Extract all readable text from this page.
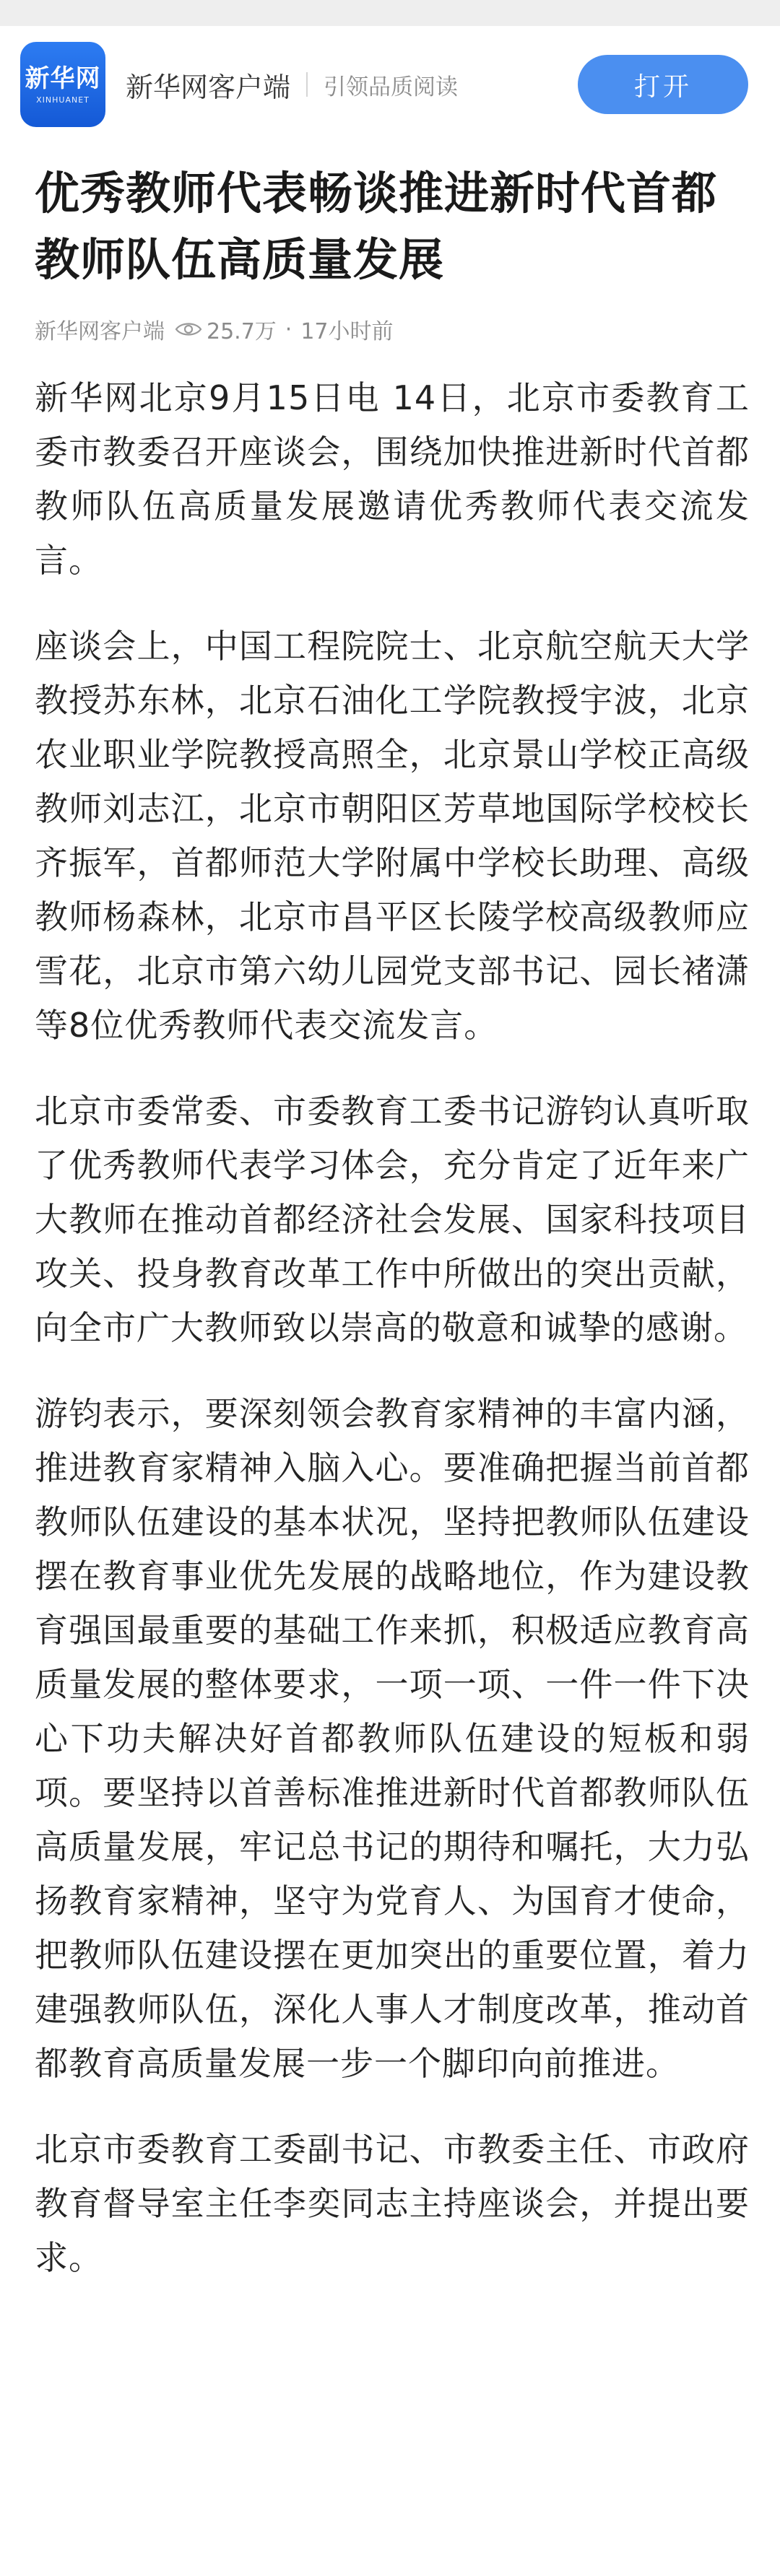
新华网
XINHUANET 新华网客户端 引领品质阅读	打开
优秀教师代表畅谈推进新时代首都教师队伍高质量发展
新华网客户端 25.7万 · 17小时前

新华网北京9月15日电 14日，北京市委教育工委市教委召开座谈会，围绕加快推进新时代首都教师队伍高质量发展邀请优秀教师代表交流发言。

座谈会上，中国工程院院士、北京航空航天大学教授苏东林，北京石油化工学院教授宇波，北京农业职业学院教授高照全，北京景山学校正高级教师刘志江，北京市朝阳区芳草地国际学校校长齐振军，首都师范大学附属中学校长助理、高级教师杨森林，北京市昌平区长陵学校高级教师应雪花，北京市第六幼儿园党支部书记、园长褚潇等8位优秀教师代表交流发言。

北京市委常委、市委教育工委书记游钧认真听取了优秀教师代表学习体会，充分肯定了近年来广大教师在推动首都经济社会发展、国家科技项目攻关、投身教育改革工作中所做出的突出贡献，向全市广大教师致以崇高的敬意和诚挚的感谢。

游钧表示，要深刻领会教育家精神的丰富内涵，推进教育家精神入脑入心。要准确把握当前首都教师队伍建设的基本状况，坚持把教师队伍建设摆在教育事业优先发展的战略地位，作为建设教育强国最重要的基础工作来抓，积极适应教育高质量发展的整体要求，一项一项、一件一件下决心下功夫解决好首都教师队伍建设的短板和弱项。要坚持以首善标准推进新时代首都教师队伍高质量发展，牢记总书记的期待和嘱托，大力弘扬教育家精神，坚守为党育人、为国育才使命，把教师队伍建设摆在更加突出的重要位置，着力建强教师队伍，深化人事人才制度改革，推动首都教育高质量发展一步一个脚印向前推进。

北京市委教育工委副书记、市教委主任、市政府教育督导室主任李奕同志主持座谈会，并提出要求。
